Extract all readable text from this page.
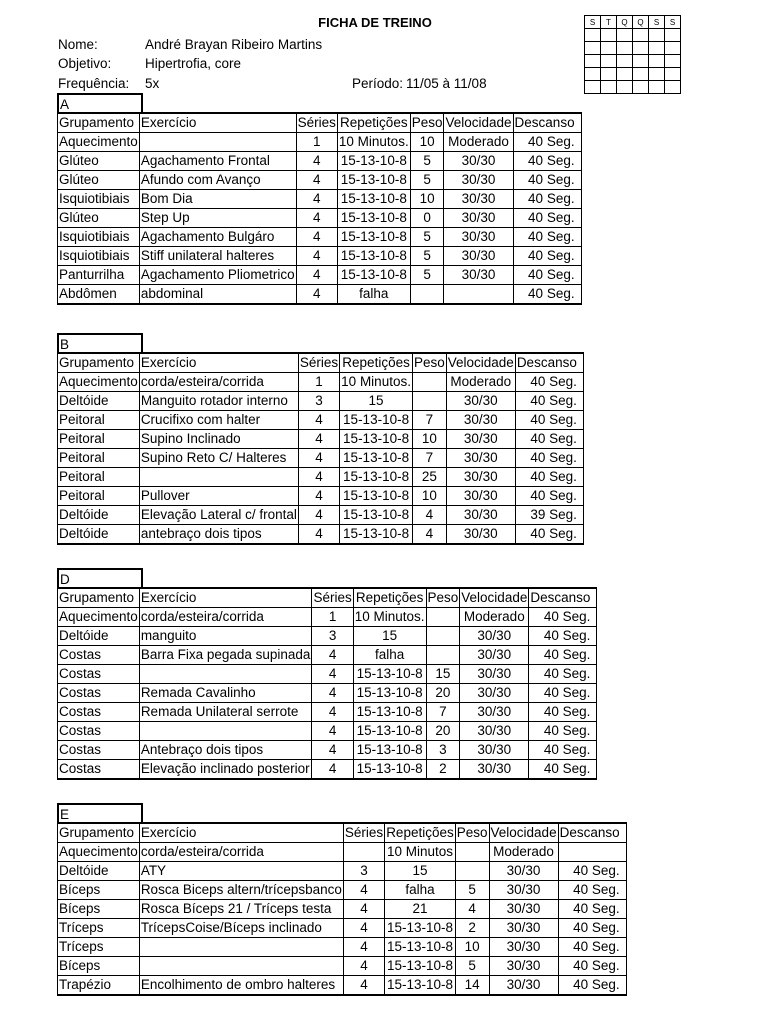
FICHA DE TREINO
Nome:	André Brayan Ribeiro Martins
Objetivo: Hipertrofia, core
Frequência: 5x	Período: 11/05 à 11/08
S	T	Q	Q	S	S

A
Grupamento	Exercício	Séries	Repetições	Peso	Velocidade	Descanso
Aquecimento		1	10 Minutos.	10	Moderado	40 Seg.
Glúteo	Agachamento Frontal	4	15-13-10-8	5	30/30	40 Seg.
Glúteo	Afundo com Avanço	4	15-13-10-8	5	30/30	40 Seg.
Isquiotibiais	Bom Dia	4	15-13-10-8	10	30/30	40 Seg.
Glúteo	Step Up	4	15-13-10-8	0	30/30	40 Seg.
Isquiotibiais	Agachamento Bulgáro	4	15-13-10-8	5	30/30	40 Seg.
Isquiotibiais	Stiff unilateral halteres	4	15-13-10-8	5	30/30	40 Seg.
Panturrilha	Agachamento Pliometrico	4	15-13-10-8	5	30/30	40 Seg.
Abdômen	abdominal	4	falha			40 Seg.
B
Grupamento	Exercício	Séries	Repetições	Peso	Velocidade	Descanso
Aquecimento	corda/esteira/corrida	1	10 Minutos.		Moderado	40 Seg.
Deltóide	Manguito rotador interno	3	15		30/30	40 Seg.
Peitoral	Crucifixo com halter	4	15-13-10-8	7	30/30	40 Seg.
Peitoral	Supino Inclinado	4	15-13-10-8	10	30/30	40 Seg.
Peitoral	Supino Reto C/ Halteres	4	15-13-10-8	7	30/30	40 Seg.
Peitoral		4	15-13-10-8	25	30/30	40 Seg.
Peitoral	Pullover	4	15-13-10-8	10	30/30	40 Seg.
Deltóide	Elevação Lateral c/ frontal	4	15-13-10-8	4	30/30	39 Seg.
Deltóide	antebraço dois tipos	4	15-13-10-8	4	30/30	40 Seg.
D
Grupamento	Exercício	Séries	Repetições	Peso	Velocidade	Descanso
Aquecimento	corda/esteira/corrida	1	10 Minutos.		Moderado	40 Seg.
Deltóide	manguito	3	15		30/30	40 Seg.
Costas	Barra Fixa pegada supinada	4	falha		30/30	40 Seg.
Costas		4	15-13-10-8	15	30/30	40 Seg.
Costas	Remada Cavalinho	4	15-13-10-8	20	30/30	40 Seg.
Costas	Remada Unilateral serrote	4	15-13-10-8	7	30/30	40 Seg.
Costas		4	15-13-10-8	20	30/30	40 Seg.
Costas	Antebraço dois tipos	4	15-13-10-8	3	30/30	40 Seg.
Costas	Elevação inclinado posterior	4	15-13-10-8	2	30/30	40 Seg.
E
Grupamento	Exercício	Séries	Repetições	Peso	Velocidade	Descanso
Aquecimento	corda/esteira/corrida		10 Minutos		Moderado	
Deltóide	ATY	3	15		30/30	40 Seg.
Bíceps	Rosca Biceps altern/trícepsbanco	4	falha	5	30/30	40 Seg.
Bíceps	Rosca Bíceps 21 / Tríceps testa	4	21	4	30/30	40 Seg.
Tríceps	TrícepsCoise/Bíceps inclinado	4	15-13-10-8	2	30/30	40 Seg.
Tríceps		4	15-13-10-8	10	30/30	40 Seg.
Bíceps		4	15-13-10-8	5	30/30	40 Seg.
Trapézio	Encolhimento de ombro halteres	4	15-13-10-8	14	30/30	40 Seg.
